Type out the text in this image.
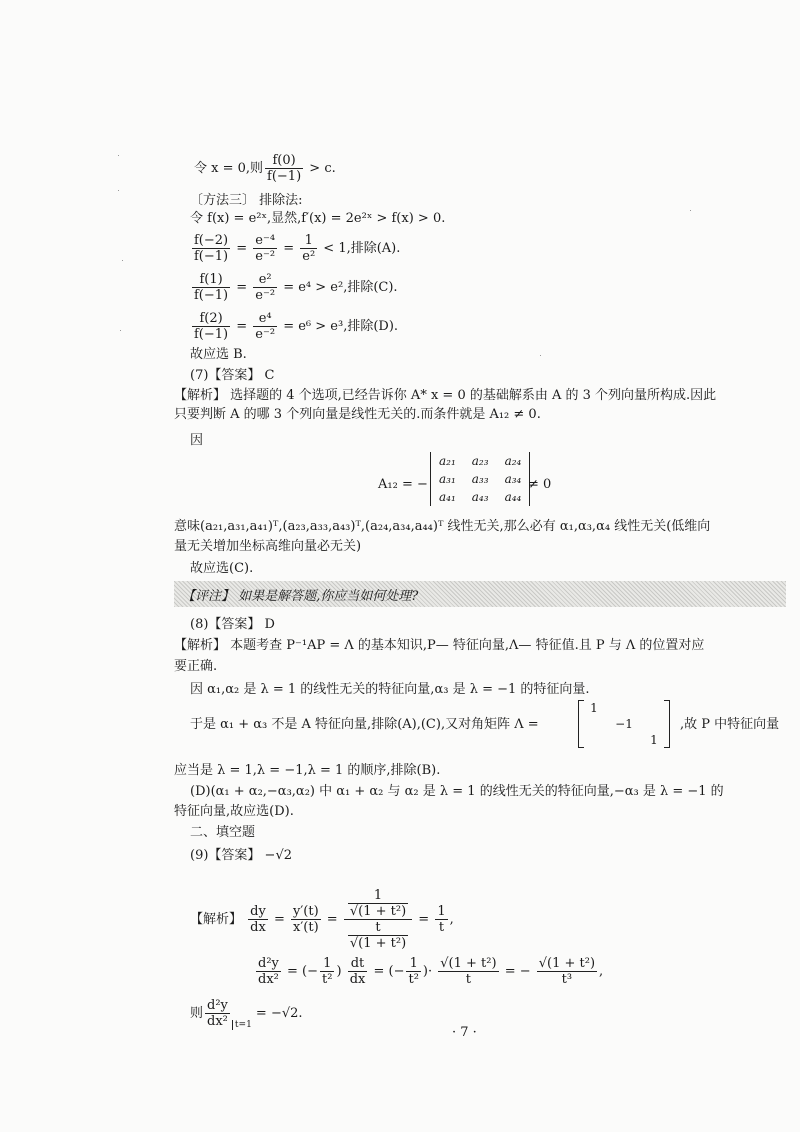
令 x = 0,则 $\frac{f(0)}{f(-1)} > c$.
〔方法三〕 排除法:
令 f(x) = e²ˣ,显然,f′(x) = 2e²ˣ > f(x) > 0.
$\frac{f(-2)}{f(-1)} = \frac{\text{e⁻⁴}}{\text{e⁻²}} = \frac{1}{\text{e²}} < 1$,排除(A).
$\frac{f(1)}{f(-1)} = \frac{\text{e²}}{\text{e⁻²}} = e^4 > e^2$,排除(C).
$\frac{f(2)}{f(-1)} = \frac{\text{e⁴}}{\text{e⁻²}} = e^6 > e^3$,排除(D).
故应选 B.
(7)【答案】 C
【解析】 选择题的 4 个选项,已经告诉你 A* x = 0 的基础解系由 A 的 3 个列向量所构成.因此
只要判断 A 的哪 3 个列向量是线性无关的.而条件就是 A₁₂ ≠ 0.
因
A₁₂ = −
a₂₁	a₂₃	a₂₄
a₃₁	a₃₃	a₃₄
a₄₁	a₄₃	a₄₄
≠ 0
意味(a₂₁,a₃₁,a₄₁)ᵀ,(a₂₃,a₃₃,a₄₃)ᵀ,(a₂₄,a₃₄,a₄₄)ᵀ 线性无关,那么必有 α₁,α₃,α₄ 线性无关(低维向
量无关增加坐标高维向量必无关)
故应选(C).
【评注】 如果是解答题,你应当如何处理?
(8)【答案】 D
【解析】 本题考查 P⁻¹AP = Λ 的基本知识,P— 特征向量,Λ— 特征值.且 P 与 Λ 的位置对应
要正确.
因 α₁,α₂ 是 λ = 1 的线性无关的特征向量,α₃ 是 λ = −1 的特征向量.
于是 α₁ + α₃ 不是 A 特征向量,排除(A),(C),又对角矩阵 Λ =
1		
	−1	
		1
,故 P 中特征向量
应当是 λ = 1,λ = −1,λ = 1 的顺序,排除(B).
(D)(α₁ + α₂,−α₃,α₂) 中 α₁ + α₂ 与 α₂ 是 λ = 1 的线性无关的特征向量,−α₃ 是 λ = −1 的
特征向量,故应选(D).
二、填空题
(9)【答案】 −√2
【解析】 $\frac{dy}{dx} = \frac{y'(t)}{x'(t)} = \frac{\frac{1}{\text{√(1 + t²)}}}{\frac{t}{\text{√(1 + t²)}}} = \frac{1}{t}$ ,
$\frac{\text{d²y}}{\text{dx²}}$ = (− $\frac{1}{\text{t²}}$ ) $\frac{dt}{dx}$ = (− $\frac{1}{\text{t²}}$ )· $\frac{\text{√(1 + t²)}}{t}$ = − $\frac{\text{√(1 + t²)}}{\text{t³}}$ ,
则 $\frac{\text{d²y}}{\text{dx²}} _{t=1} = -√2$.
· 7 ·
